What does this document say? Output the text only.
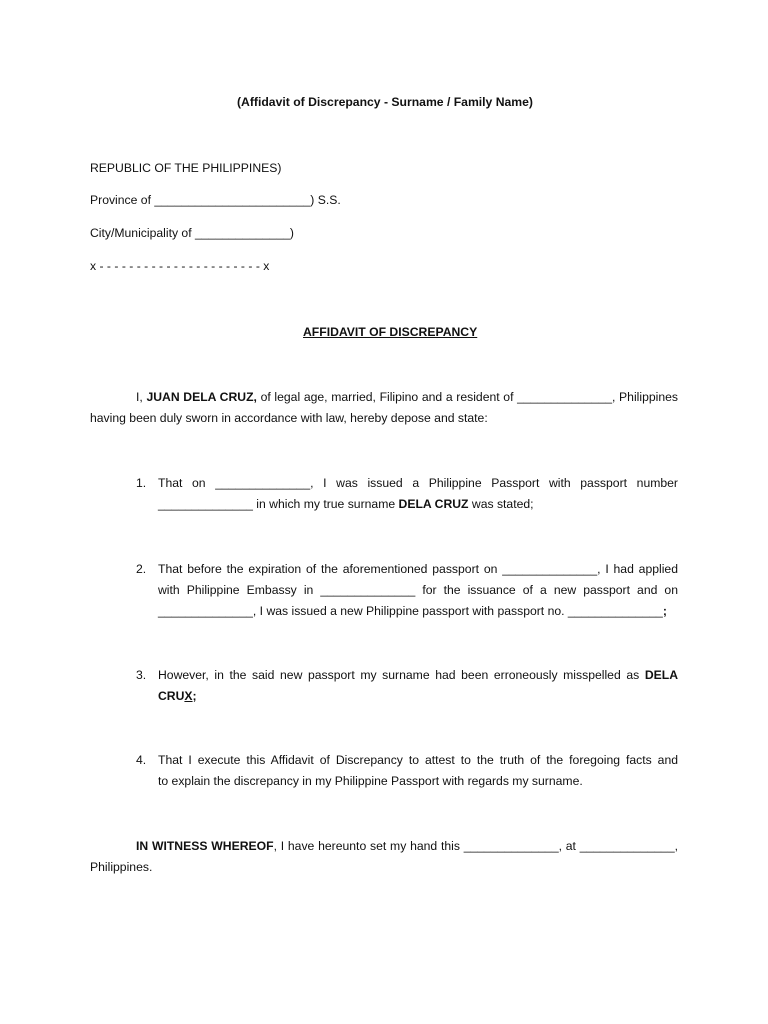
(Affidavit of Discrepancy - Surname / Family Name)
REPUBLIC OF THE PHILIPPINES)
Province of _______________________) S.S.
City/Municipality of ______________)
x - - - - - - - - - - - - - - - - - - - - - - x
AFFIDAVIT OF DISCREPANCY
I, JUAN DELA CRUZ, of legal age, married, Filipino and a resident of ______________, Philippines
having been duly sworn in accordance with law, hereby depose and state:
1. That on ______________, I was issued a Philippine Passport with passport number
______________ in which my true surname DELA CRUZ was stated;
2. That before the expiration of the aforementioned passport on ______________, I had applied
with Philippine Embassy in ______________ for the issuance of a new passport and on
______________, I was issued a new Philippine passport with passport no. ______________;
3. However, in the said new passport my surname had been erroneously misspelled as DELA
CRUX;
4. That I execute this Affidavit of Discrepancy to attest to the truth of the foregoing facts and
to explain the discrepancy in my Philippine Passport with regards my surname.
IN WITNESS WHEREOF, I have hereunto set my hand this ______________, at ______________,
Philippines.
